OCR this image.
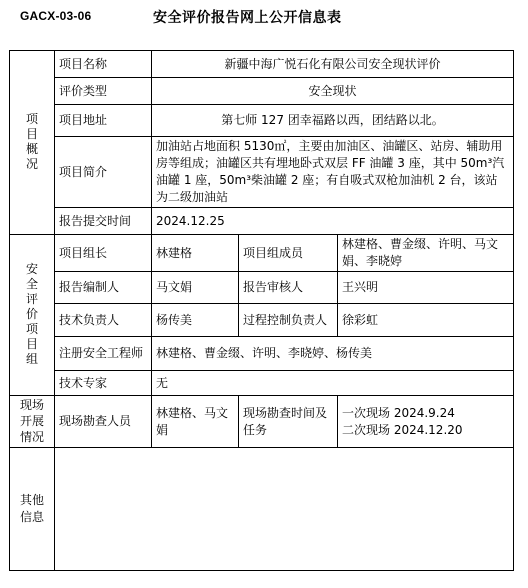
GACX-03-06	安全评价报告网上公开信息表
项目概况	项目名称	新疆中海广悦石化有限公司安全现状评价		
	评价类型	安全现状		
	项目地址	第七师 127 团幸福路以西，团结路以北。		
	项目简介	加油站占地面积 5130㎡，主要由加油区、油罐区、站房、辅助用房等组成；油罐区共有埋地卧式双层 FF 油罐 3 座，其中 50m³汽油罐 1 座，50m³柴油罐 2 座；有自吸式双枪加油机 2 台，该站为二级加油站		
	报告提交时间	2024.12.25		
安全评价项目组	项目组长	林建格	项目组成员	林建格、曹金缀、许明、马文娟、李晓婷
	报告编制人	马文娟	报告审核人	王兴明
	技术负责人	杨传美	过程控制负责人	徐彩虹
	注册安全工程师	林建格、曹金缀、许明、李晓婷、杨传美		
	技术专家	无		
现场开展情况	现场勘查人员	林建格、马文娟	现场勘查时间及任务	一次现场 2024.9.24
二次现场 2024.12.20

其他信息				
